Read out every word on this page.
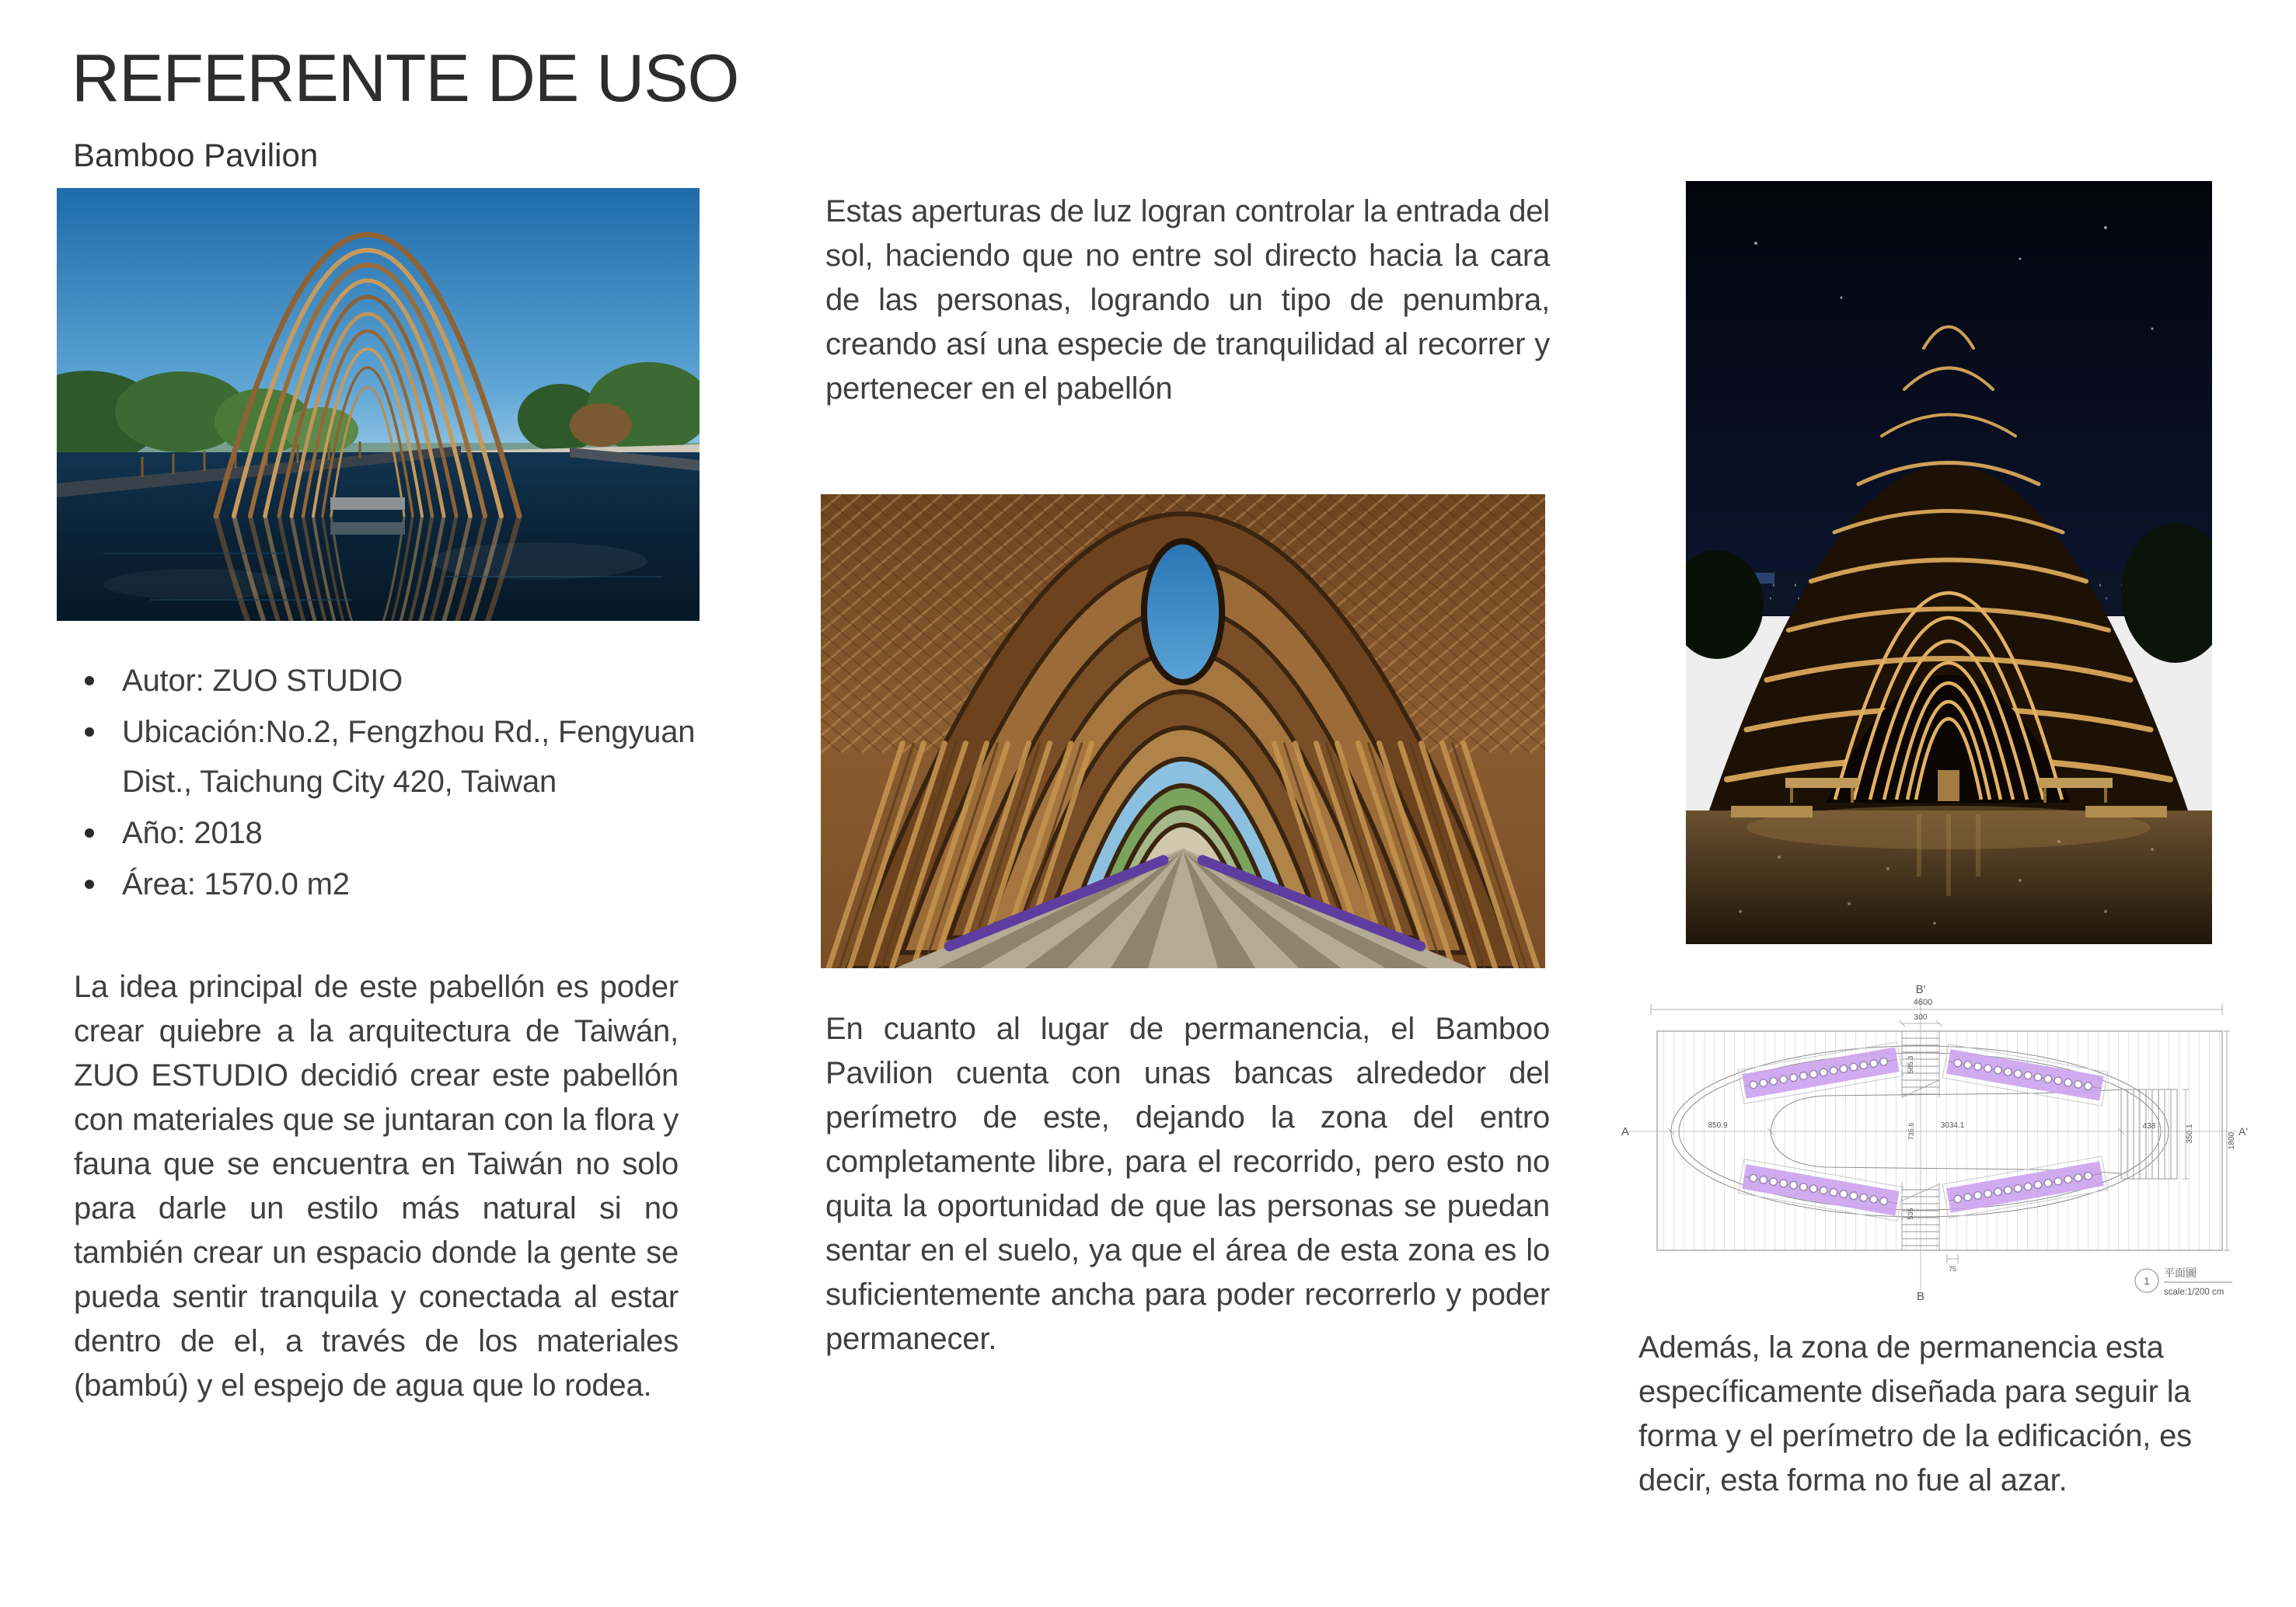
REFERENTE DE USO
Bamboo Pavilion
Autor: ZUO STUDIO
Ubicación:No.2, Fengzhou Rd., Fengyuan Dist., Taichung City 420, Taiwan
Año: 2018
Área: 1570.0 m2
La idea principal de este pabellón es poder crear quiebre a la arquitectura de Taiwán, ZUO ESTUDIO decidió crear este pabellón con materiales que se juntaran con la flora y fauna que se encuentra en Taiwán no solo para darle un estilo más natural si no también crear un espacio donde la gente se pueda sentir tranquila y conectada al estar dentro de el, a través de los materiales (bambú) y el espejo de agua que lo rodea.
Estas aperturas de luz logran controlar la entrada del sol, haciendo que no entre sol directo hacia la cara de las personas, logrando un tipo de penumbra, creando así una especie de tranquilidad al recorrer y pertenecer en el pabellón
En cuanto al lugar de permanencia, el Bamboo Pavilion cuenta con unas bancas alrededor del perímetro de este, dejando la zona del entro completamente libre, para el recorrido, pero esto no quita la oportunidad de que las personas se puedan sentar en el suelo, ya que el área de esta zona es lo suficientemente ancha para poder recorrerlo y poder permanecer.
B'
B
A	A'
4600
300
850.9	3034.1
735.6	438	350.1	1800
585.3
535
75
1
平面圖
scale:1/200 cm
Además, la zona de permanencia esta específicamente diseñada para seguir la forma y el perímetro de la edificación, es decir, esta forma no fue al azar.
